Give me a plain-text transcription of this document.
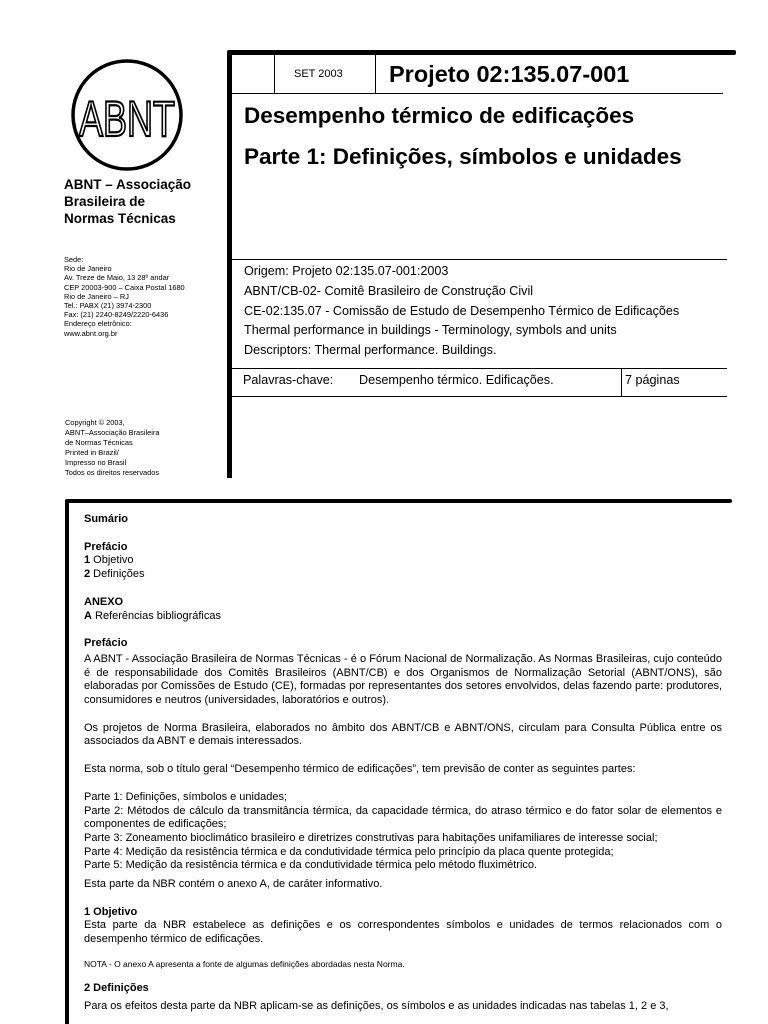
ABNT
ABNT – Associação
Brasileira de
Normas Técnicas
Sede:
Rio de Janeiro
Av. Treze de Maio, 13 28º andar
CEP 20003-900 – Caixa Postal 1680
Rio de Janeiro – RJ
Tel.: PABX (21) 3974-2300
Fax: (21) 2240-8249/2220-6436
Endereço eletrônico:
www.abnt.org.br
Copyright © 2003,
ABNT–Associação Brasileira
de Normas Técnicas
Printed in Brazil/
Impresso no Brasil
Todos os direitos reservados
SET 2003 Projeto 02:135.07-001
Desempenho térmico de edificações
Parte 1: Definições, símbolos e unidades
Origem: Projeto 02:135.07-001:2003
ABNT/CB-02- Comitê Brasileiro de Construção Civil
CE-02:135.07 - Comissão de Estudo de Desempenho Térmico de Edificações
Thermal performance in buildings - Terminology, symbols and units
Descriptors: Thermal performance. Buildings.
Palavras-chave: Desempenho térmico. Edificações.	7 páginas
Sumário
Prefácio

1 Objetivo

2 Definições

ANEXO

A Referências bibliográficas

Prefácio

A ABNT - Associação Brasileira de Normas Técnicas - é o Fórum Nacional de Normalização. As Normas Brasileiras, cujo conteúdo é de responsabilidade dos Comitês Brasileiros (ABNT/CB) e dos Organismos de Normalização Setorial (ABNT/ONS), são elaboradas por Comissões de Estudo (CE), formadas por representantes dos setores envolvidos, delas fazendo parte: produtores, consumidores e neutros (universidades, laboratórios e outros).

Os projetos de Norma Brasileira, elaborados no âmbito dos ABNT/CB e ABNT/ONS, circulam para Consulta Pública entre os associados da ABNT e demais interessados.

Esta norma, sob o título geral “Desempenho térmico de edificações”, tem previsão de conter as seguintes partes:

Parte 1: Definições, símbolos e unidades;

Parte 2: Métodos de cálculo da transmitância térmica, da capacidade térmica, do atraso térmico e do fator solar de elementos e componentes de edificações;

Parte 3: Zoneamento bioclimático brasileiro e diretrizes construtivas para habitações unifamiliares de interesse social;

Parte 4: Medição da resistência térmica e da condutividade térmica pelo princípio da placa quente protegida;

Parte 5: Medição da resistência térmica e da condutividade térmica pelo método fluximétrico.

Esta parte da NBR contém o anexo A, de caráter informativo.

1 Objetivo

Esta parte da NBR estabelece as definições e os correspondentes símbolos e unidades de termos relacionados com o desempenho térmico de edificações.

NOTA - O anexo A apresenta a fonte de algumas definições abordadas nesta Norma.

2 Definições

Para os efeitos desta parte da NBR aplicam-se as definições, os símbolos e as unidades indicadas nas tabelas 1, 2 e 3,
